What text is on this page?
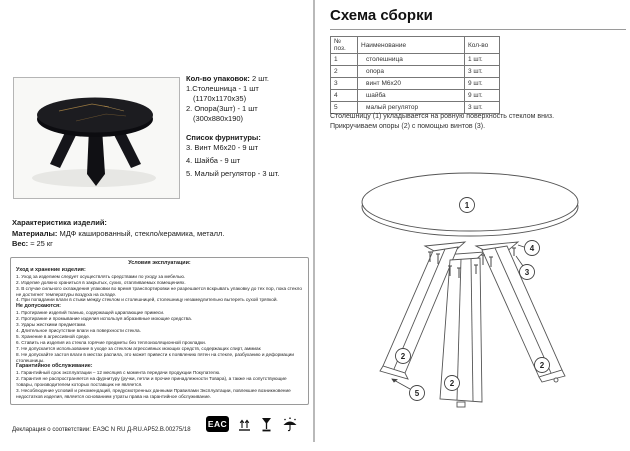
Кол-во упаковок: 2 шт.
1.Столешница - 1 шт
(1170х1170х35)
2. Опора(3шт) - 1 шт
(300х880х190)
Список фурнитуры:
3. Винт М6х20 - 9 шт
4. Шайба - 9 шт
5. Малый регулятор - 3 шт.
Характеристика изделий:
Материалы: МДФ кашированный, стекло/керамика, металл.
Вес: ≈ 25 кг
Условия эксплуатации:
Уход и хранение изделия:
1. Уход за изделием следует осуществлять средствами по уходу за мебелью.
2. Изделие должно храниться в закрытых, сухих, отапливаемых помещениях.
3. В случае сильного охлаждения упаковки во время транспортировки не разрешается вскрывать упаковку до тех пор, пока стекло не достигнет температуры воздуха на складе.
4. При попадании влаги в стыки между стеклом и столешницей, столешницу незамедлительно вытереть сухой тряпкой.
Не допускаются:
1. Протирание изделий тканью, содержащей царапающие примеси.
2. Протирание и промывание изделия используя абразивные моющие средства.
3. Удары жесткими предметами.
4. Длительное присутствие влаги на поверхности стекла.
5. Хранение в агрессивной среде.
6. Ставить на изделия из стекла горячие предметы без теплоизоляционной прокладки.
7. Не допускается использование в уходе за стеклом агрессивных моющих средств, содержащих спирт, аммиак
8. Не допускайте застоя влаги в местах распила, это может привести к появлению пятен на стекле, разбуханию и деформации столешницы.
Гарантийное обслуживание:
1. Гарантийный срок эксплуатации – 12 месяцев с момента передачи продукции Покупателю.
2. Гарантия не распространяется на фурнитуру (ручки, петли и прочие принадлежности Товара), а также на сопутствующие товары, производителем которых поставщик не является.
3. Несоблюдение условий и рекомендаций, предусмотренных данными Правилами Эксплуатации, повлекшее возникновение недостатков изделия, является основанием утраты права на гарантийное обслуживание.
Декларация о соответствии: ЕАЭС N RU Д-RU.АР52.В.00275/18
ЕАС
Схема сборки
№ поз.	Наименование	Кол-во
1	столешница	1 шт.
2	опора	3 шт.
3	винт М6х20	9 шт.
4	шайба	9 шт.
5	малый регулятор	3 шт.
Столешницу (1) укладывается на ровную поверхность стеклом вниз.
Прикручиваем опоры (2) с помощью винтов (3).
1
4
3
2
2
2
5
